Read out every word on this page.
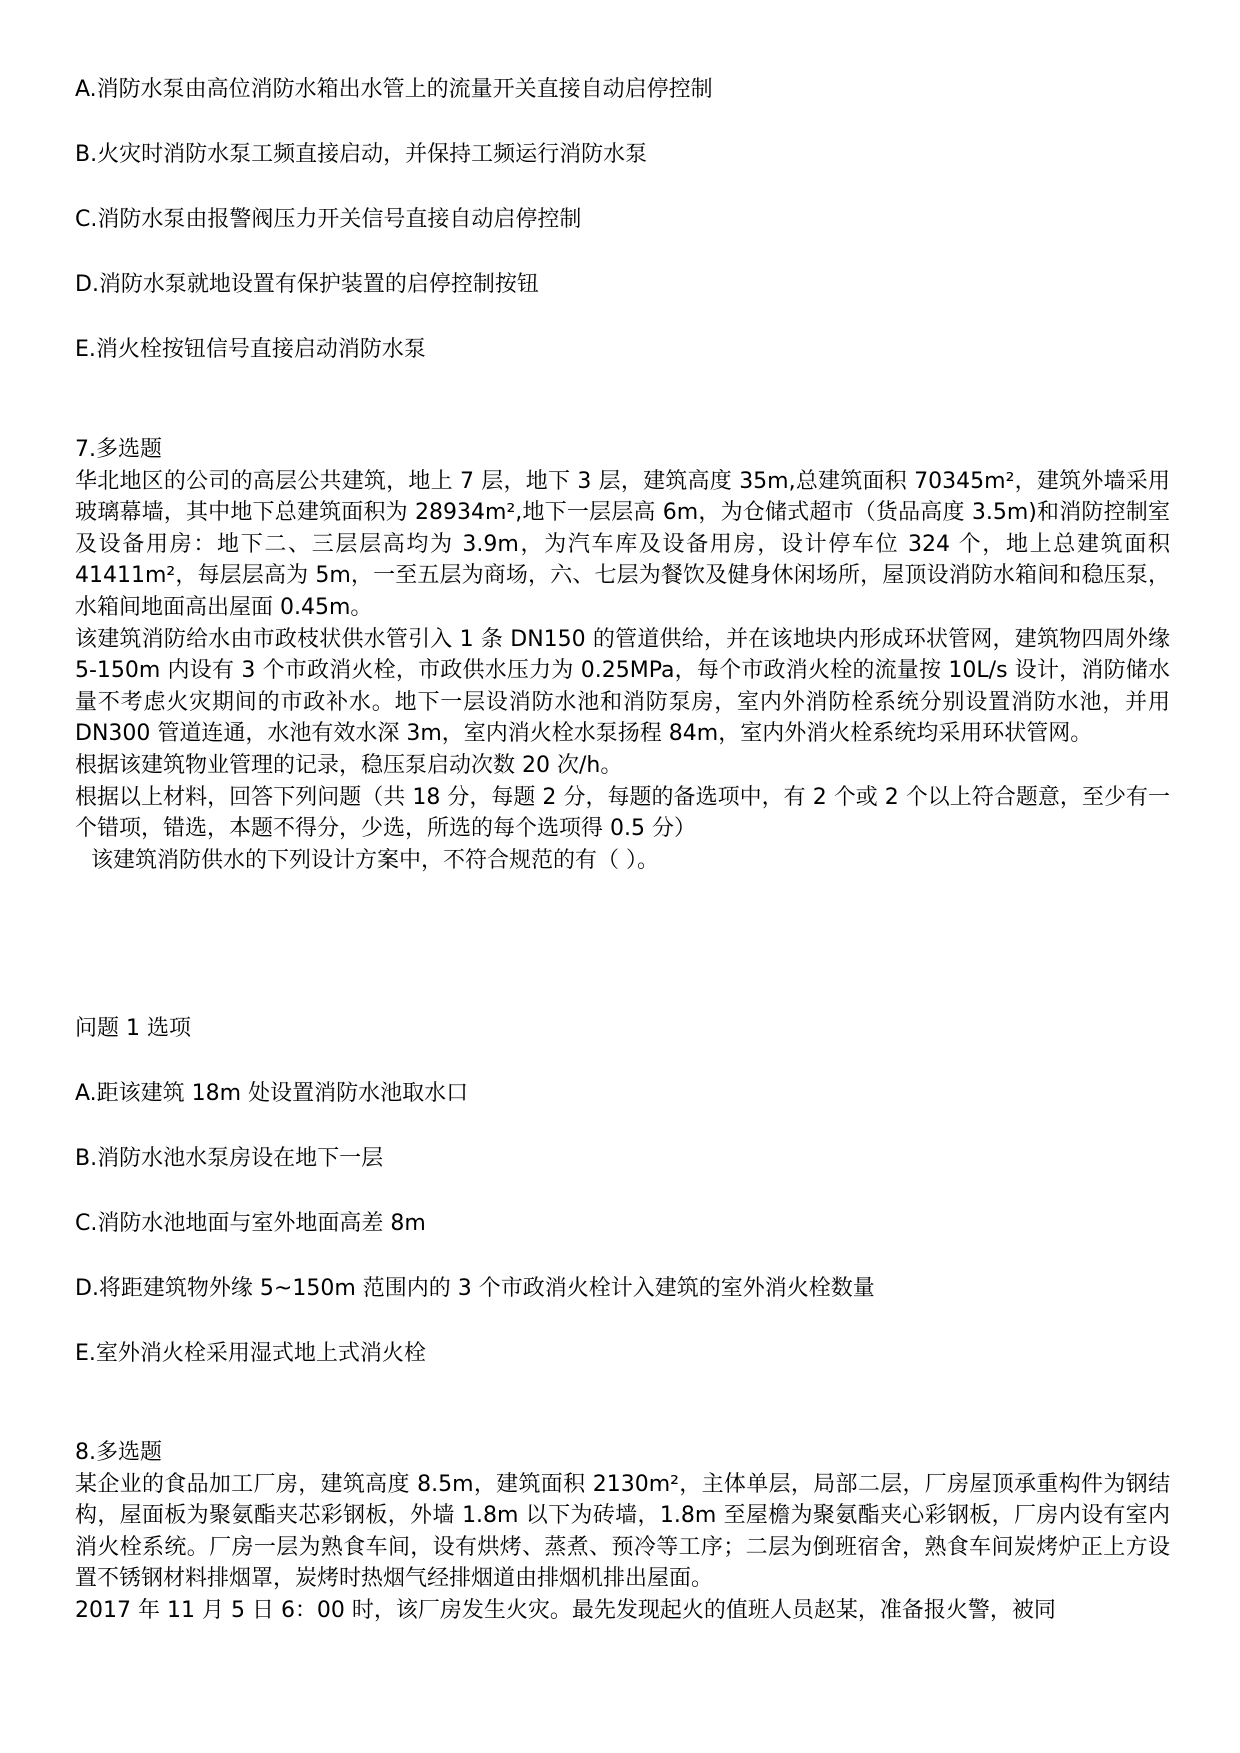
A.消防水泵由高位消防水箱出水管上的流量开关直接自动启停控制
B.火灾时消防水泵工频直接启动，并保持工频运行消防水泵
C.消防水泵由报警阀压力开关信号直接自动启停控制
D.消防水泵就地设置有保护装置的启停控制按钮
E.消火栓按钮信号直接启动消防水泵

7.多选题

华北地区的公司的高层公共建筑，地上 7 层，地下 3 层，建筑高度 35m,总建筑面积 70345m²，建筑外墙采用玻璃幕墙，其中地下总建筑面积为 28934m²,地下一层层高 6m，为仓储式超市（货品高度 3.5m)和消防控制室及设备用房：地下二、三层层高均为 3.9m，为汽车库及设备用房，设计停车位 324 个，地上总建筑面积 41411m²，每层层高为 5m，一至五层为商场，六、七层为餐饮及健身休闲场所，屋顶设消防水箱间和稳压泵，水箱间地面高出屋面 0.45m。

该建筑消防给水由市政枝状供水管引入 1 条 DN150 的管道供给，并在该地块内形成环状管网，建筑物四周外缘 5-150m 内设有 3 个市政消火栓，市政供水压力为 0.25MPa，每个市政消火栓的流量按 10L/s 设计，消防储水量不考虑火灾期间的市政补水。地下一层设消防水池和消防泵房，室内外消防栓系统分别设置消防水池，并用 DN300 管道连通，水池有效水深 3m，室内消火栓水泵扬程 84m，室内外消火栓系统均采用环状管网。

根据该建筑物业管理的记录，稳压泵启动次数 20 次/h。

根据以上材料，回答下列问题（共 18 分，每题 2 分，每题的备选项中，有 2 个或 2 个以上符合题意，至少有一个错项，错选，本题不得分，少选，所选的每个选项得 0.5 分）

该建筑消防供水的下列设计方案中，不符合规范的有（ ）。

问题 1 选项
A.距该建筑 18m 处设置消防水池取水口
B.消防水池水泵房设在地下一层
C.消防水池地面与室外地面高差 8m
D.将距建筑物外缘 5~150m 范围内的 3 个市政消火栓计入建筑的室外消火栓数量
E.室外消火栓采用湿式地上式消火栓

8.多选题

某企业的食品加工厂房，建筑高度 8.5m，建筑面积 2130m²，主体单层，局部二层，厂房屋顶承重构件为钢结构，屋面板为聚氨酯夹芯彩钢板，外墙 1.8m 以下为砖墙，1.8m 至屋檐为聚氨酯夹心彩钢板，厂房内设有室内消火栓系统。厂房一层为熟食车间，设有烘烤、蒸煮、预冷等工序；二层为倒班宿舍，熟食车间炭烤炉正上方设置不锈钢材料排烟罩，炭烤时热烟气经排烟道由排烟机排出屋面。

2017 年 11 月 5 日 6：00 时，该厂房发生火灾。最先发现起火的值班人员赵某，准备报火警，被同
